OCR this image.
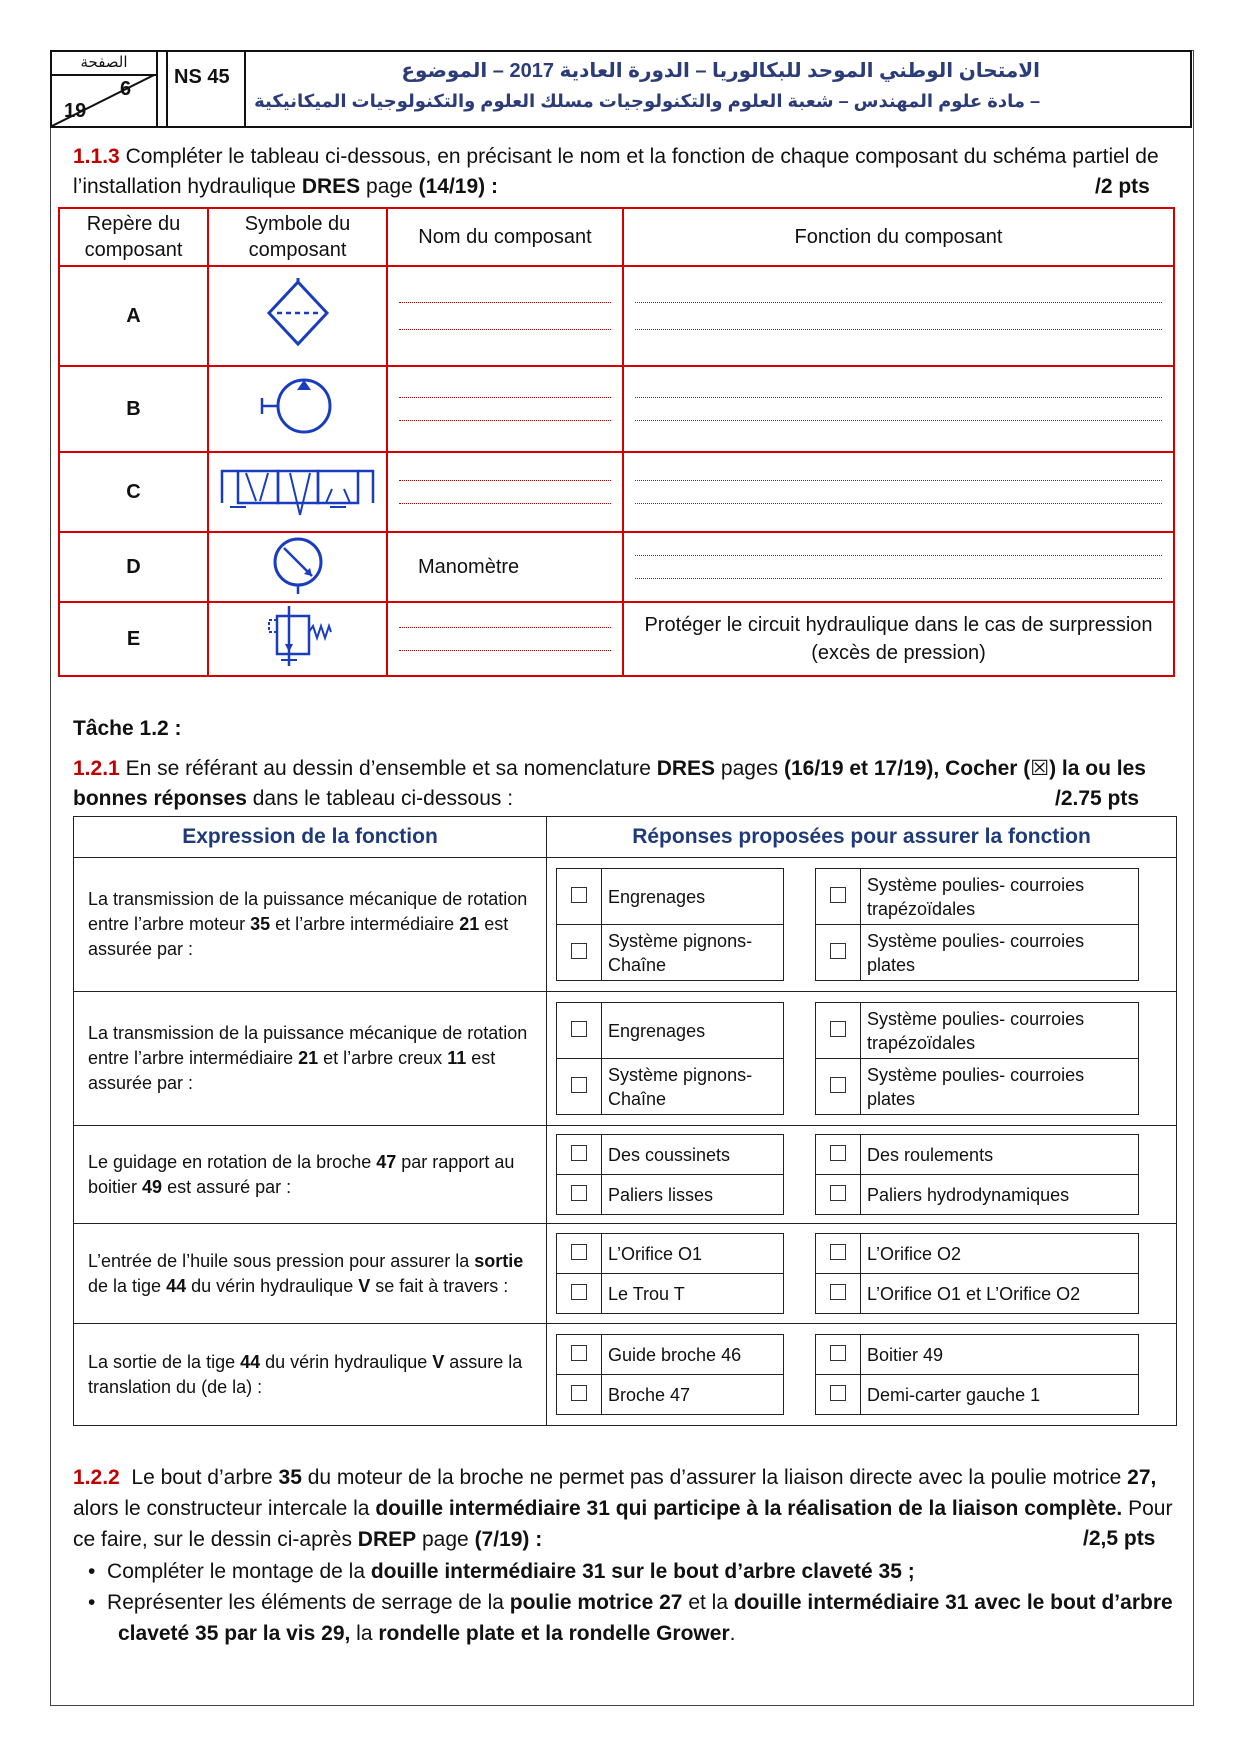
الصفحة
6
19
NS 45	الامتحان الوطني الموحد للبكالوريا – الدورة العادية 2017 – الموضوع
– مادة علوم المهندس – شعبة العلوم والتكنولوجيات مسلك العلوم والتكنولوجيات الميكانيكية
1.1.3 Compléter le tableau ci-dessous, en précisant le nom et la fonction de chaque composant du schéma partiel de l’installation hydraulique DRES page (14/19) :	/2 pts
Repère du composant	Symbole du composant	Nom du composant	Fonction du composant
A		

B		

C		

D		Manomètre	

E			Protéger le circuit hydraulique dans le cas de surpression (excès de pression)
Tâche 1.2 :
1.2.1 En se référant au dessin d’ensemble et sa nomenclature DRES pages (16/19 et 17/19), Cocher (☒) la ou les bonnes réponses dans le tableau ci-dessous :	/2.75 pts
Expression de la fonction	Réponses proposées pour assurer la fonction
La transmission de la puissance mécanique de rotation entre l’arbre moteur 35 et l’arbre intermédiaire 21 est assurée par :	
	Engrenages
	Système pignons-Chaîne

	Système poulies- courroies trapézoïdales
	Système poulies- courroies plates

La transmission de la puissance mécanique de rotation entre l’arbre intermédiaire 21 et l’arbre creux 11 est assurée par :	
	Engrenages
	Système pignons-Chaîne

	Système poulies- courroies trapézoïdales
	Système poulies- courroies plates

Le guidage en rotation de la broche 47 par rapport au boitier 49 est assuré par :	
	Des coussinets
	Paliers lisses

	Des roulements
	Paliers hydrodynamiques

L’entrée de l’huile sous pression pour assurer la sortie de la tige 44 du vérin hydraulique V se fait à travers :	
	L’Orifice O1
	Le Trou T

	L’Orifice O2
	L’Orifice O1 et L’Orifice O2

La sortie de la tige 44 du vérin hydraulique V assure la translation du (de la) :	
	Guide broche 46
	Broche 47

	Boitier 49
	Demi-carter gauche 1
1.2.2 Le bout d’arbre 35 du moteur de la broche ne permet pas d’assurer la liaison directe avec la poulie motrice 27, alors le constructeur intercale la douille intermédiaire 31 qui participe à la réalisation de la liaison complète. Pour ce faire, sur le dessin ci-après DREP page (7/19) :	/2,5 pts
•  Compléter le montage de la douille intermédiaire 31 sur le bout d’arbre claveté 35 ;
•  Représenter les éléments de serrage de la poulie motrice 27 et la douille intermédiaire 31 avec le bout d’arbre claveté 35 par la vis 29, la rondelle plate et la rondelle Grower.
